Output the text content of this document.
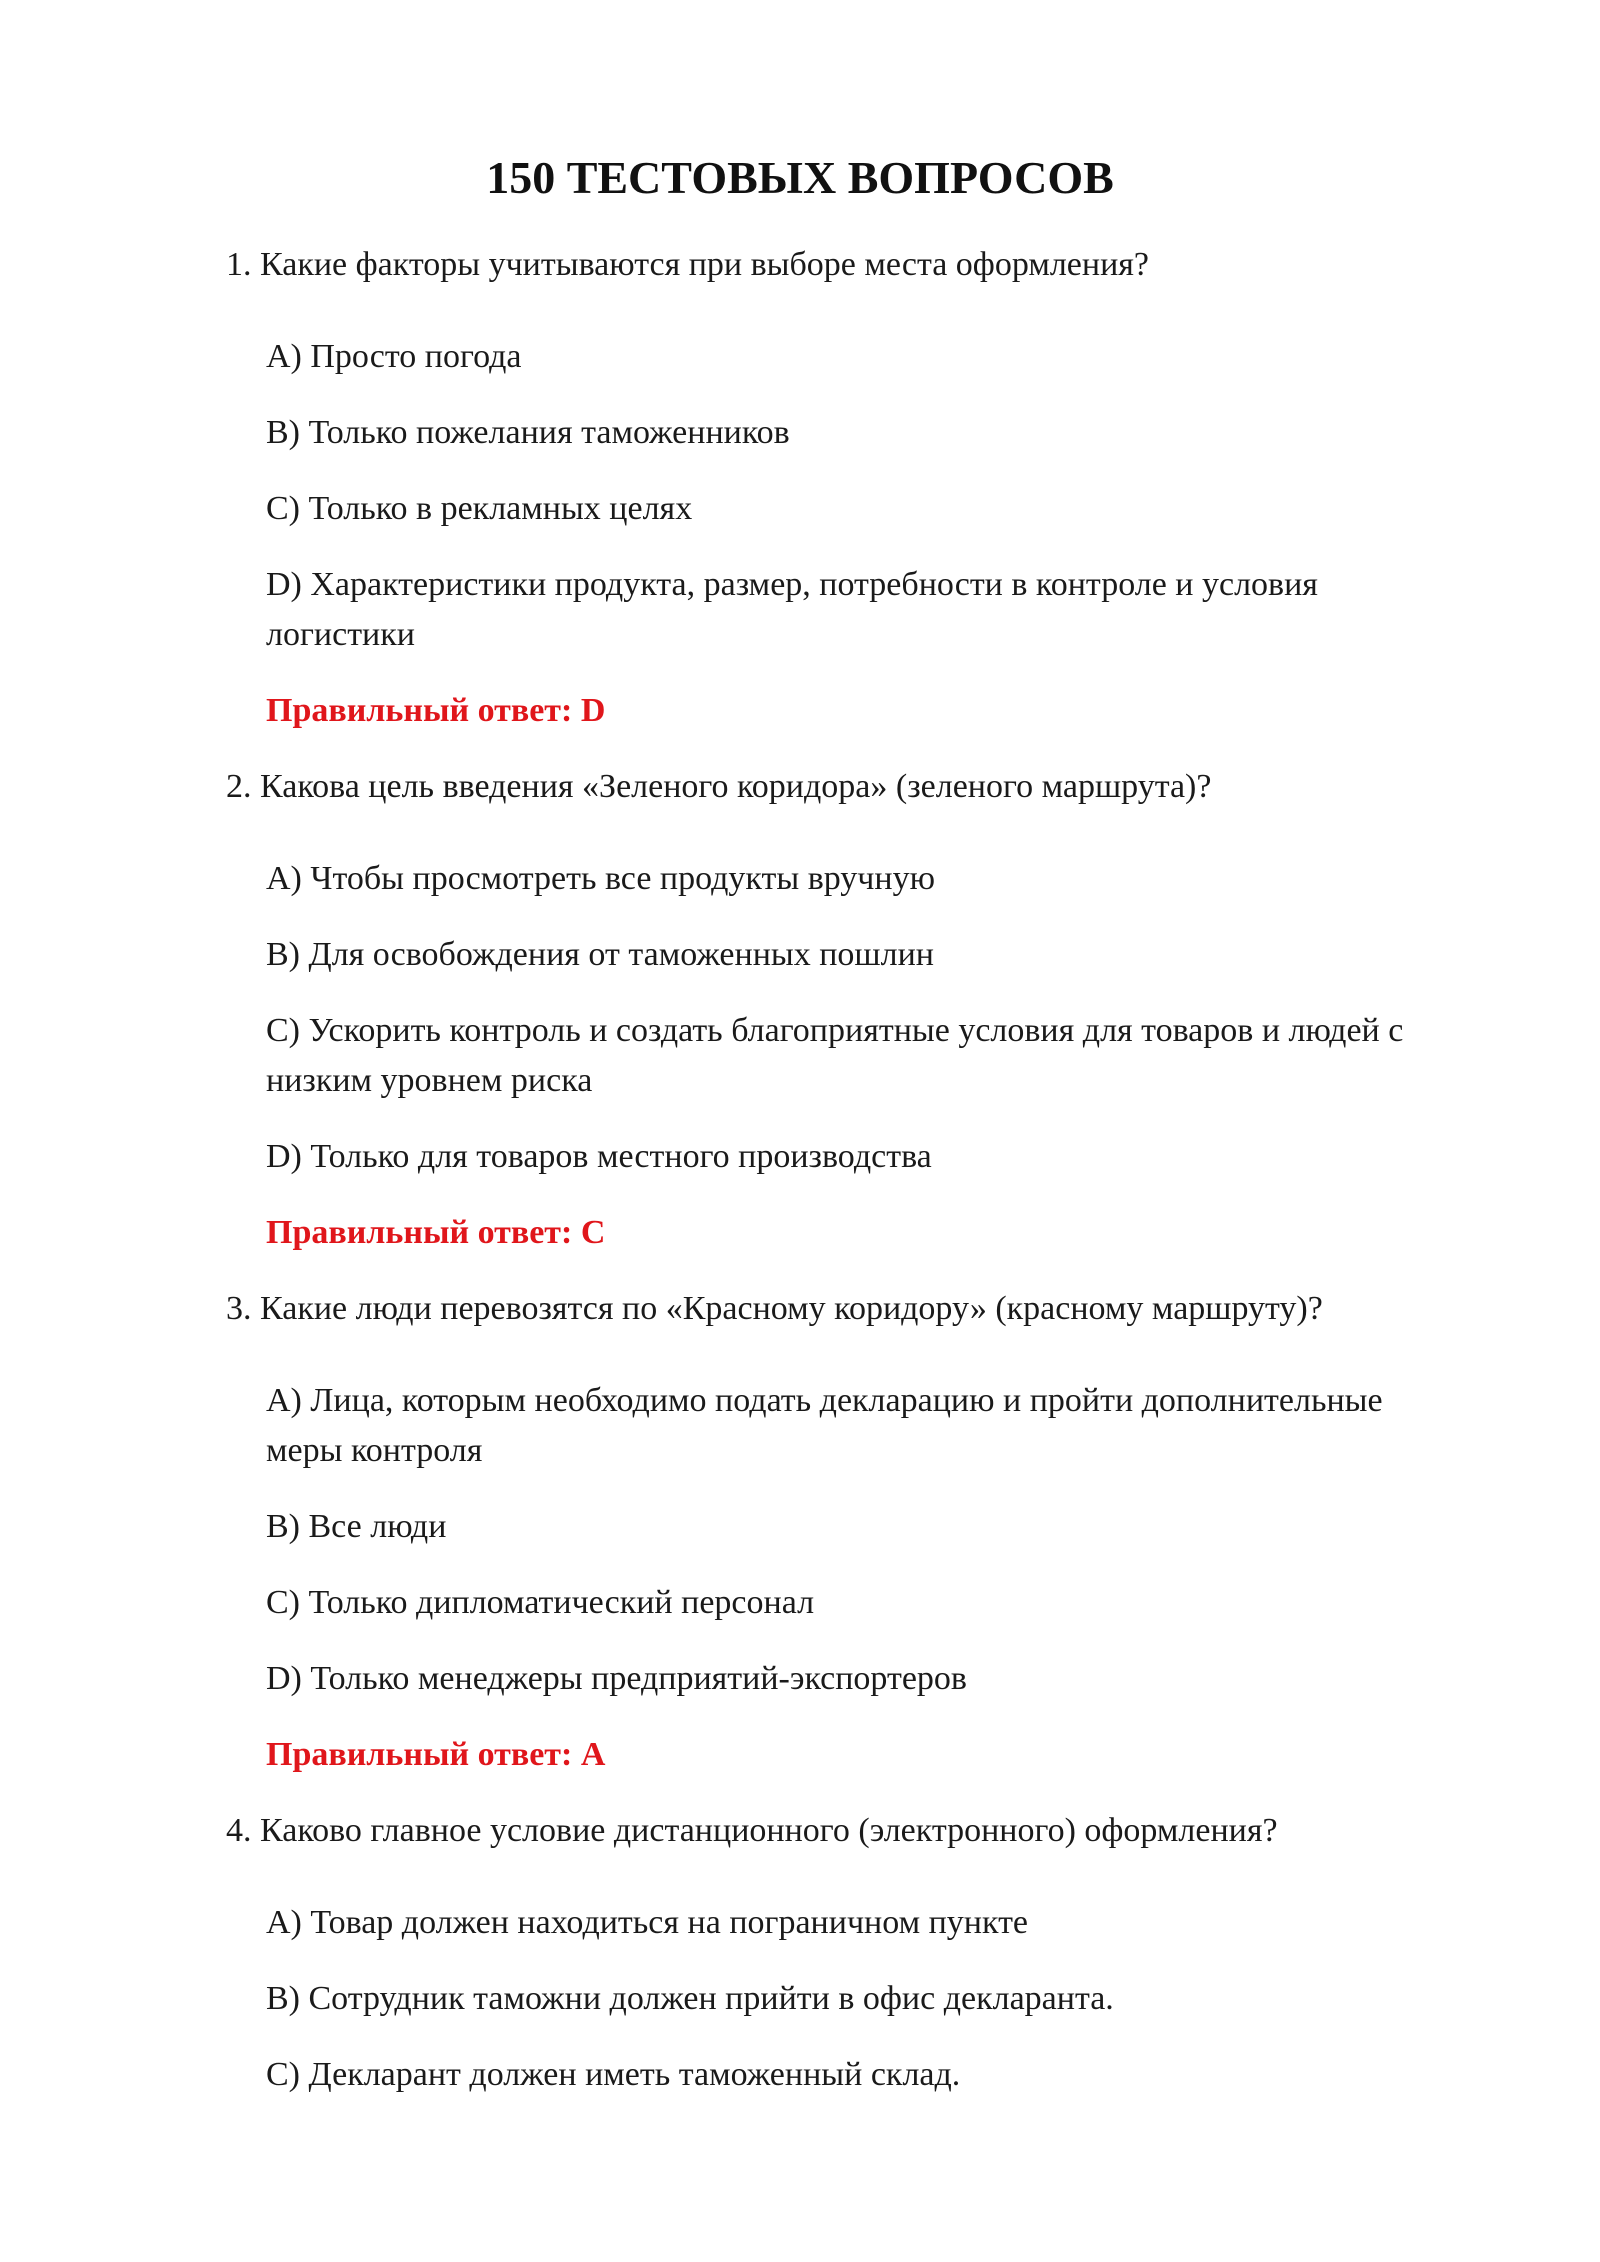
150 ТЕСТОВЫХ ВОПРОСОВ

1. Какие факторы учитываются при выборе места оформления?

A) Просто погода

B) Только пожелания таможенников

C) Только в рекламных целях

D) Характеристики продукта, размер, потребности в контроле и условия логистики

Правильный ответ: D

2. Какова цель введения «Зеленого коридора» (зеленого маршрута)?

A) Чтобы просмотреть все продукты вручную

B) Для освобождения от таможенных пошлин

C) Ускорить контроль и создать благоприятные условия для товаров и людей с низким уровнем риска

D) Только для товаров местного производства

Правильный ответ: C

3. Какие люди перевозятся по «Красному коридору» (красному маршруту)?

A) Лица, которым необходимо подать декларацию и пройти дополнительные меры контроля

B) Все люди

C) Только дипломатический персонал

D) Только менеджеры предприятий-экспортеров

Правильный ответ: A

4. Каково главное условие дистанционного (электронного) оформления?

A) Товар должен находиться на пограничном пункте

B) Сотрудник таможни должен прийти в офис декларанта.

C) Декларант должен иметь таможенный склад.
